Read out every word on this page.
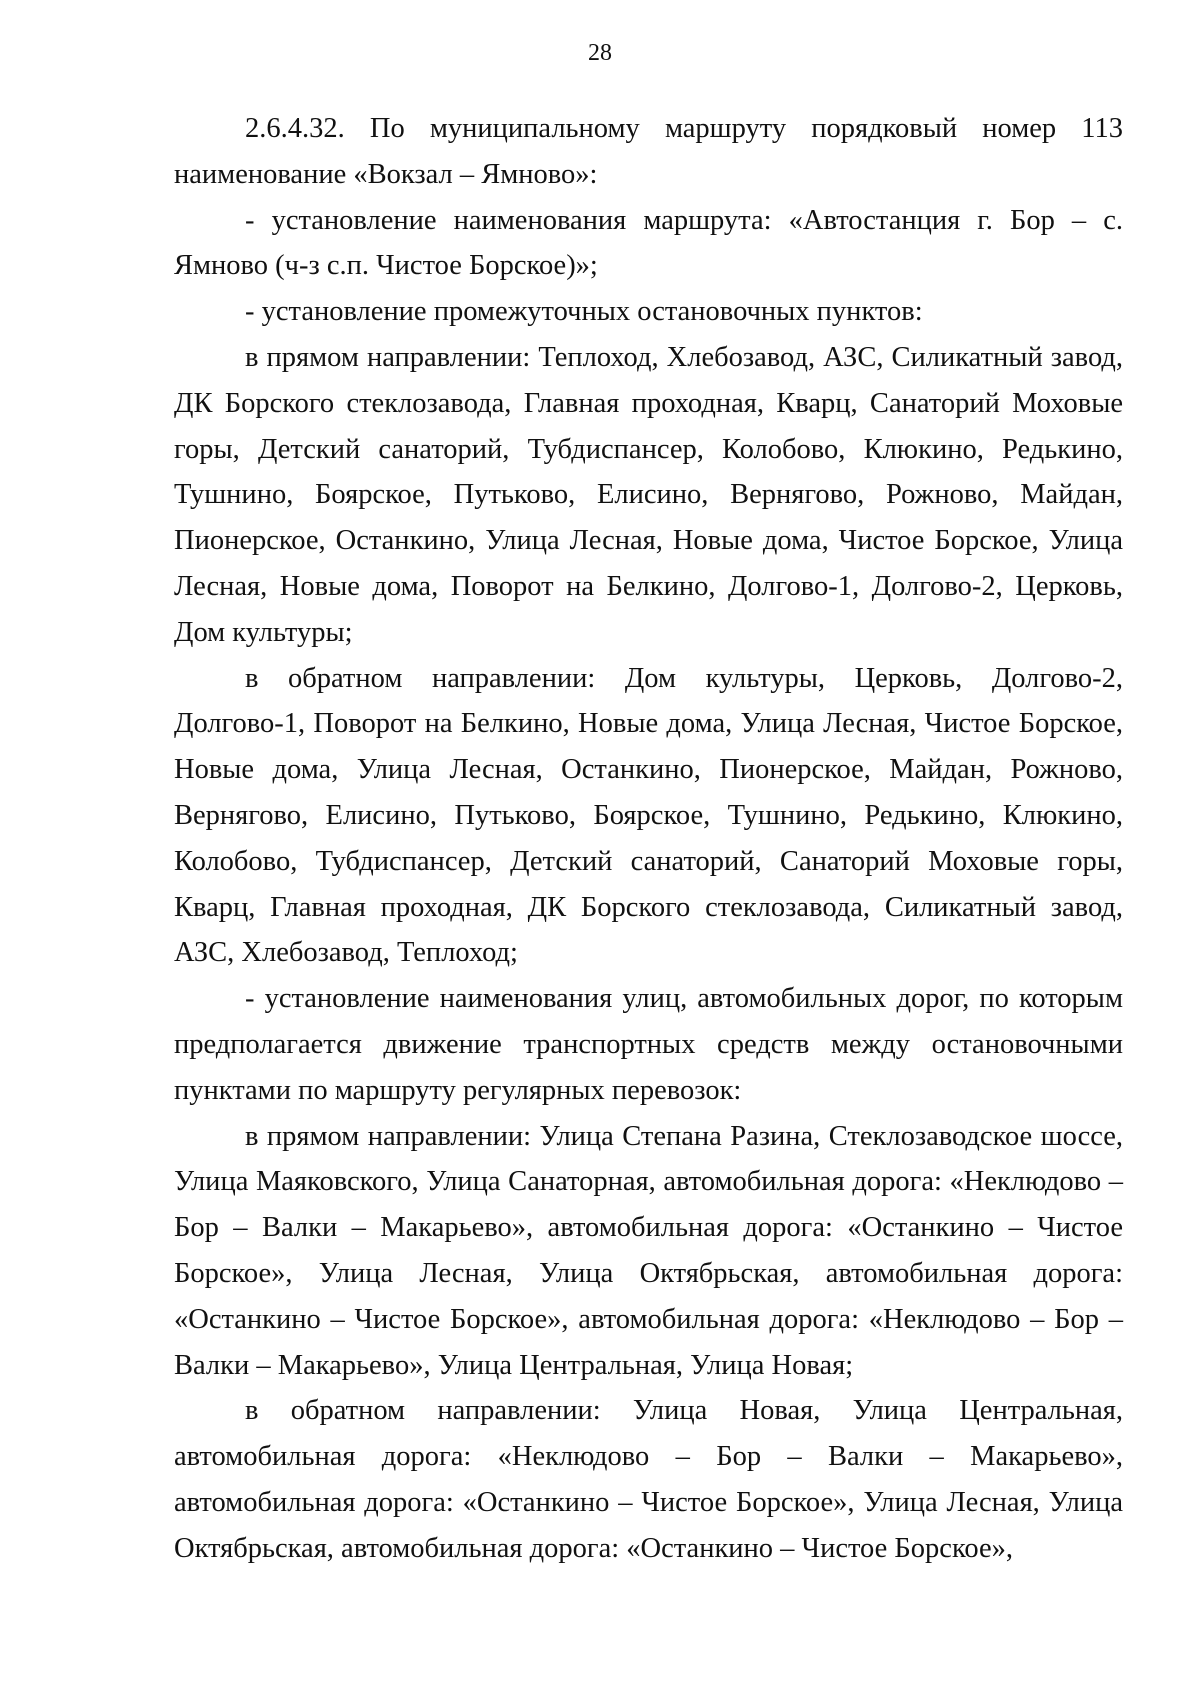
28

2.6.4.32. По муниципальному маршруту порядковый номер 113 наименование «Вокзал – Ямново»:

- установление наименования маршрута: «Автостанция г. Бор – с. Ямново (ч-з с.п. Чистое Борское)»;

- установление промежуточных остановочных пунктов:

в прямом направлении: Теплоход, Хлебозавод, АЗС, Силикатный завод, ДК Борского стеклозавода, Главная проходная, Кварц, Санаторий Моховые горы, Детский санаторий, Тубдиспансер, Колобово, Клюкино, Редькино, Тушнино, Боярское, Путьково, Елисино, Вернягово, Рожново, Майдан, Пионерское, Останкино, Улица Лесная, Новые дома, Чистое Борское, Улица Лесная, Новые дома, Поворот на Белкино, Долгово-1, Долгово-2, Церковь, Дом культуры;

в обратном направлении: Дом культуры, Церковь, Долгово-2, Долгово-1, Поворот на Белкино, Новые дома, Улица Лесная, Чистое Борское, Новые дома, Улица Лесная, Останкино, Пионерское, Майдан, Рожново, Вернягово, Елисино, Путьково, Боярское, Тушнино, Редькино, Клюкино, Колобово, Тубдиспансер, Детский санаторий, Санаторий Моховые горы, Кварц, Главная проходная, ДК Борского стеклозавода, Силикатный завод, АЗС, Хлебозавод, Теплоход;

- установление наименования улиц, автомобильных дорог, по которым предполагается движение транспортных средств между остановочными пунктами по маршруту регулярных перевозок:

в прямом направлении: Улица Степана Разина, Стеклозаводское шоссе, Улица Маяковского, Улица Санаторная, автомобильная дорога: «Неклюдово – Бор – Валки – Макарьево», автомобильная дорога: «Останкино – Чистое Борское», Улица Лесная, Улица Октябрьская, автомобильная дорога: «Останкино – Чистое Борское», автомобильная дорога: «Неклюдово – Бор – Валки – Макарьево», Улица Центральная, Улица Новая;

в обратном направлении: Улица Новая, Улица Центральная, автомобильная дорога: «Неклюдово – Бор – Валки – Макарьево», автомобильная дорога: «Останкино – Чистое Борское», Улица Лесная, Улица Октябрьская, автомобильная дорога: «Останкино – Чистое Борское»,
